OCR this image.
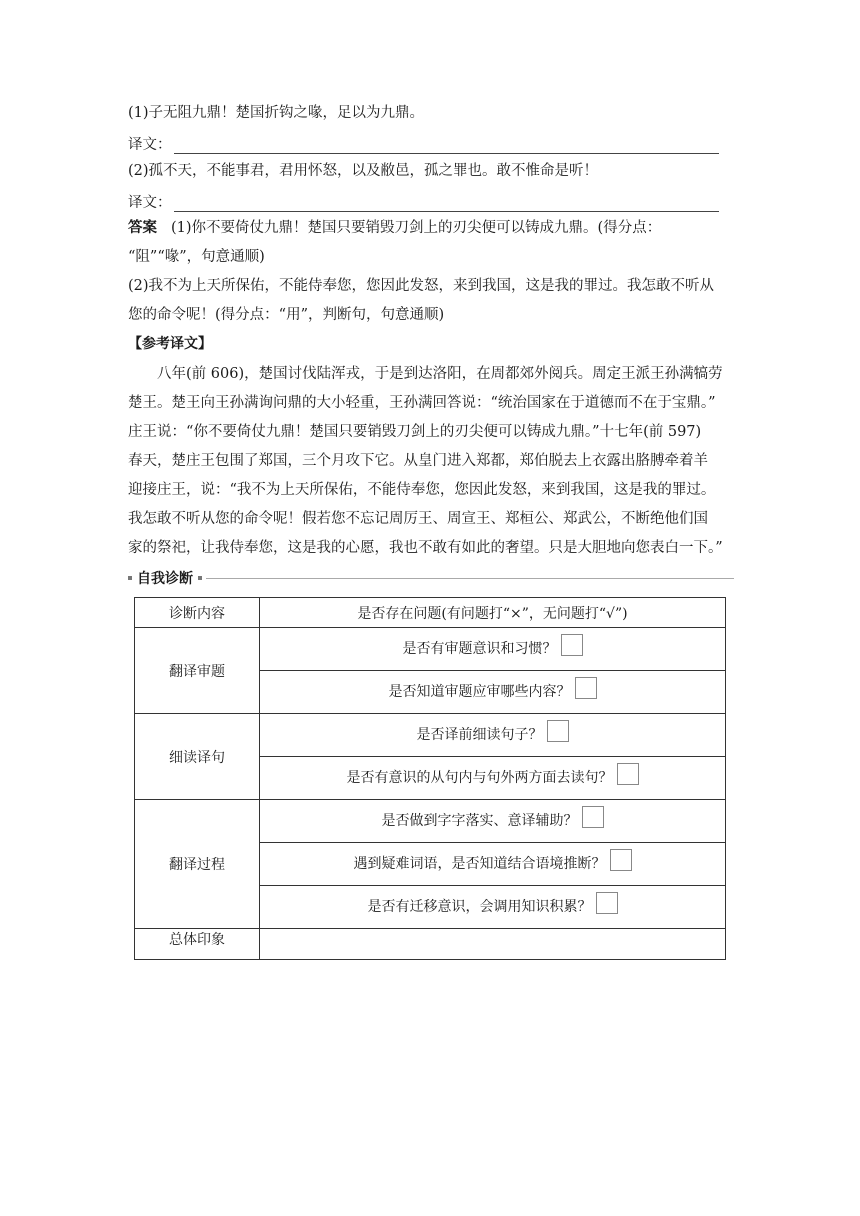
(1)子无阻九鼎！楚国折钩之喙，足以为九鼎。
译文：
(2)孤不天，不能事君，君用怀怒，以及敝邑，孤之罪也。敢不惟命是听！
译文：
答案 (1)你不要倚仗九鼎！楚国只要销毁刀剑上的刃尖便可以铸成九鼎。(得分点：
“阻”“喙”，句意通顺)
(2)我不为上天所保佑，不能侍奉您，您因此发怒，来到我国，这是我的罪过。我怎敢不听从
您的命令呢！(得分点：“用”，判断句，句意通顺)
【参考译文】
八年(前 606)，楚国讨伐陆浑戎，于是到达洛阳，在周都郊外阅兵。周定王派王孙满犒劳
楚王。楚王向王孙满询问鼎的大小轻重，王孙满回答说：“统治国家在于道德而不在于宝鼎。”
庄王说：“你不要倚仗九鼎！楚国只要销毁刀剑上的刃尖便可以铸成九鼎。”十七年(前 597)
春天，楚庄王包围了郑国，三个月攻下它。从皇门进入郑都，郑伯脱去上衣露出胳膊牵着羊
迎接庄王，说：“我不为上天所保佑，不能侍奉您，您因此发怒，来到我国，这是我的罪过。
我怎敢不听从您的命令呢！假若您不忘记周厉王、周宣王、郑桓公、郑武公，不断绝他们国
家的祭祀，让我侍奉您，这是我的心愿，我也不敢有如此的奢望。只是大胆地向您表白一下。”
自我诊断
诊断内容	是否存在问题(有问题打“×”，无问题打“√”)
翻译审题	是否有审题意识和习惯？
	是否知道审题应审哪些内容？
细读译句	是否译前细读句子？
	是否有意识的从句内与句外两方面去读句？
翻译过程	是否做到字字落实、意译辅助？
	遇到疑难词语，是否知道结合语境推断？
	是否有迁移意识，会调用知识积累？
总体印象	
